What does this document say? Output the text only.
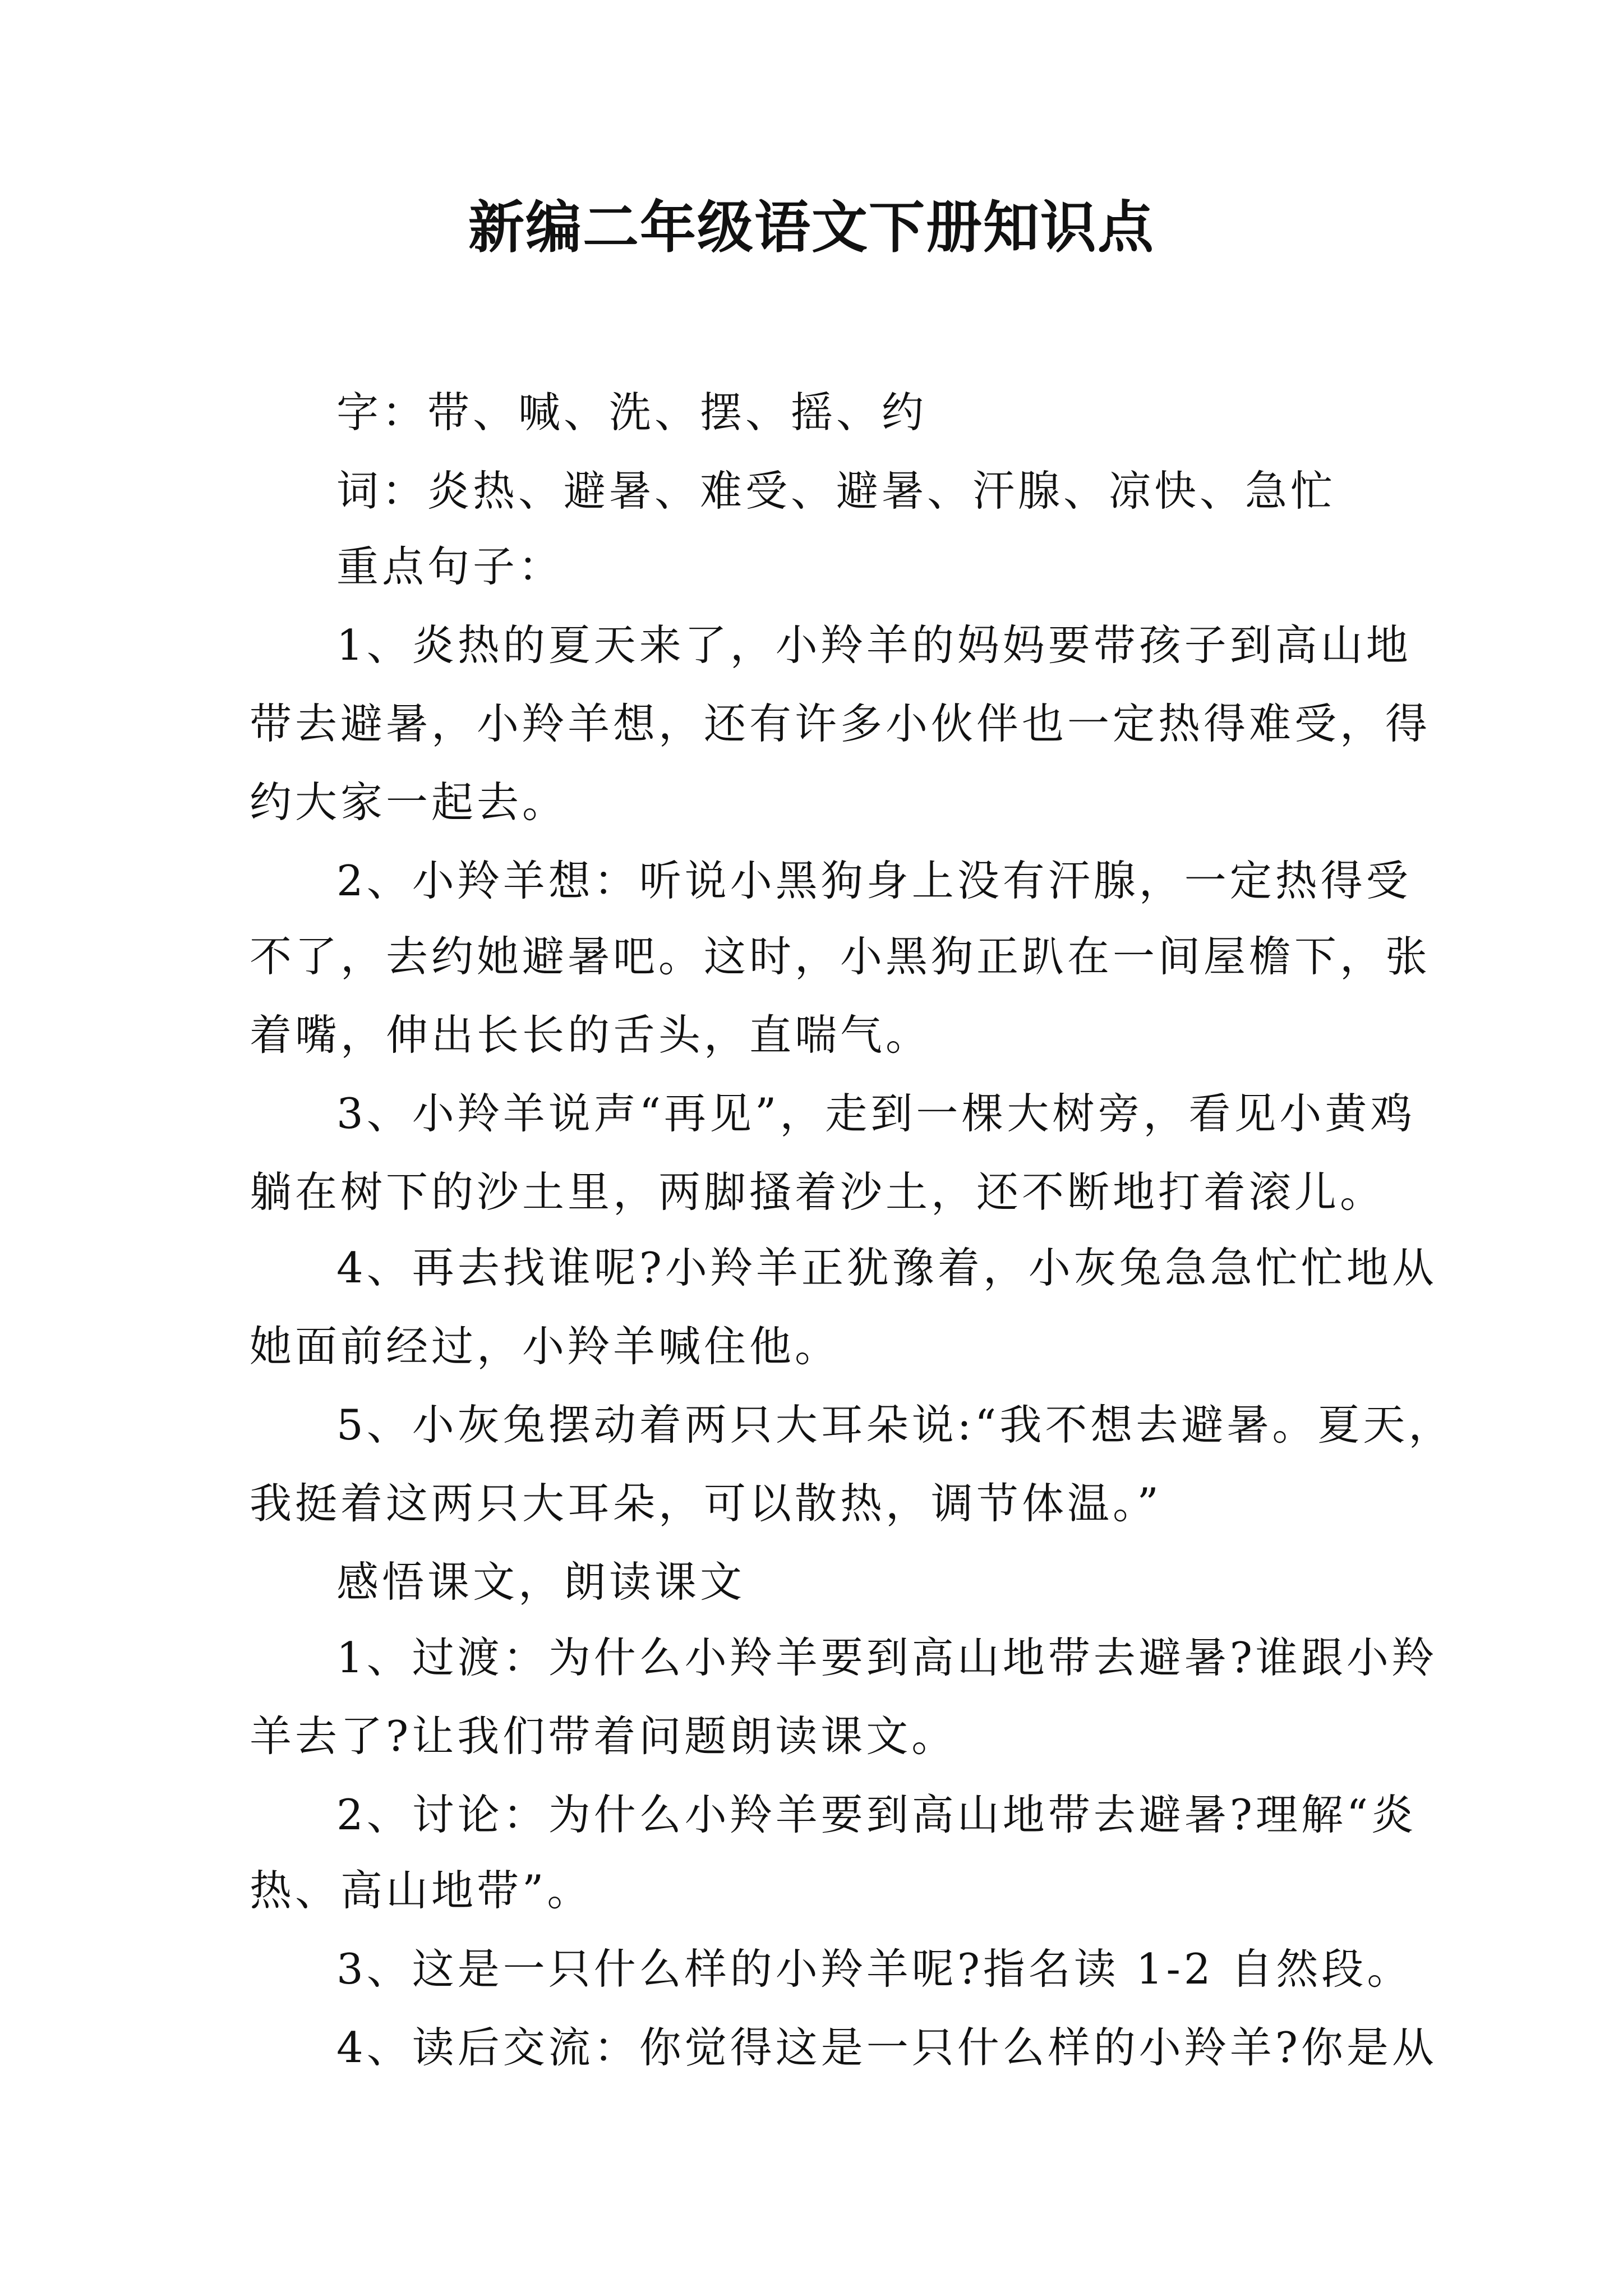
新编二年级语文下册知识点
字：带、喊、洗、摆、摇、约
词：炎热、避暑、难受、避暑、汗腺、凉快、急忙
重点句子：
1、炎热的夏天来了，小羚羊的妈妈要带孩子到高山地
带去避暑，小羚羊想，还有许多小伙伴也一定热得难受，得
约大家一起去。
2、小羚羊想：听说小黑狗身上没有汗腺，一定热得受
不了，去约她避暑吧。这时，小黑狗正趴在一间屋檐下，张
着嘴，伸出长长的舌头，直喘气。
3、小羚羊说声“再见”，走到一棵大树旁，看见小黄鸡
躺在树下的沙土里，两脚搔着沙土，还不断地打着滚儿。
4、再去找谁呢?小羚羊正犹豫着，小灰兔急急忙忙地从
她面前经过，小羚羊喊住他。
5、小灰兔摆动着两只大耳朵说:“我不想去避暑。夏天，
我挺着这两只大耳朵，可以散热，调节体温。”
感悟课文，朗读课文
1、过渡：为什么小羚羊要到高山地带去避暑?谁跟小羚
羊去了?让我们带着问题朗读课文。
2、讨论：为什么小羚羊要到高山地带去避暑?理解“炎
热、高山地带”。
3、这是一只什么样的小羚羊呢?指名读 1-2 自然段。
4、读后交流：你觉得这是一只什么样的小羚羊?你是从
